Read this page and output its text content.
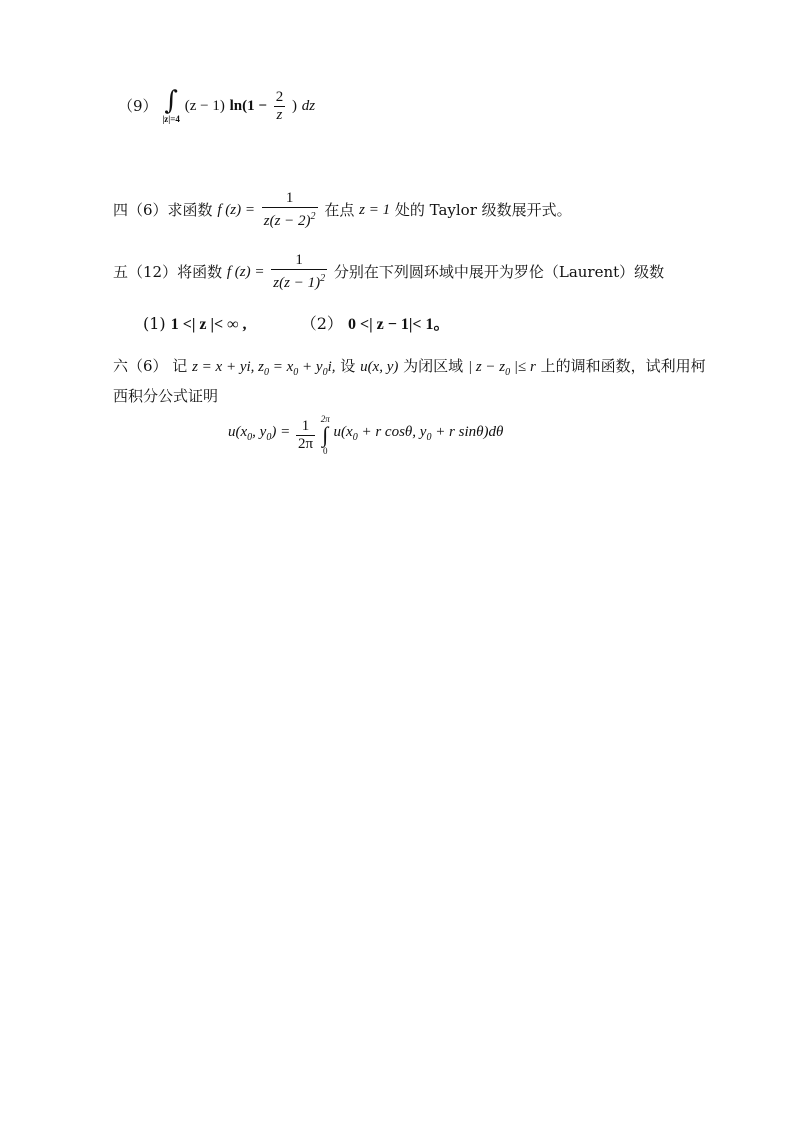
（9） ∫
|z|=4
(z − 1) $\ln(1 - \frac{2}{z}$ ) dz
四（6）求函数 f $(z) = \frac{1}{z(z - 2)^2}$ 在点 z = 1 处的 Taylor 级数展开式。
五（12）将函数 f $(z) = \frac{1}{z(z - 1)^2}$ 分别在下列圆环域中展开为罗伦（Laurent）级数
(1) 1 <| z |< ∞ ,	（2） 0 <| z − 1|< 1。
六（6） 记 z = x + yi, $z_0 = x_0 + y_0i$, 设 u(x, y) 为闭区域 | $z - z_0$ |≤ r 上的调和函数，试利用柯
西积分公式证明
$u(x_0$, $y_0) = \frac{1}{2\pi}$
2π
∫
0
$u(x_0 + r$ cosθ, $y_0 + r$ sinθ)dθ
